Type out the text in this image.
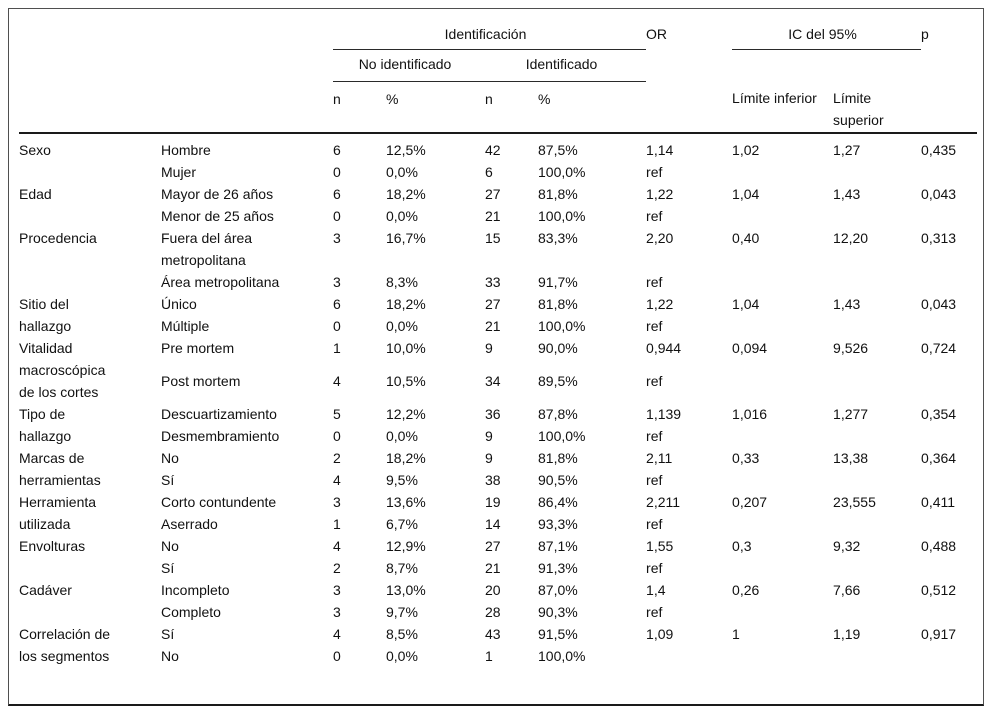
		Identificación				OR	IC del 95%		p
		No identificado		Identificado					
		n	%	n	%		Límite inferior	Límite superior	
Sexo	Hombre	6	12,5%	42	87,5%	1,14	1,02	1,27	0,435
	Mujer	0	0,0%	6	100,0%	ref			
Edad	Mayor de 26 años	6	18,2%	27	81,8%	1,22	1,04	1,43	0,043
	Menor de 25 años	0	0,0%	21	100,0%	ref			
Procedencia	Fuera del área metropolitana	3	16,7%	15	83,3%	2,20	0,40	12,20	0,313
	Área metropolitana	3	8,3%	33	91,7%	ref			
Sitio del hallazgo	Único	6	18,2%	27	81,8%	1,22	1,04	1,43	0,043
	Múltiple	0	0,0%	21	100,0%	ref			
Vitalidad macroscópica de los cortes	Pre mortem	1	10,0%	9	90,0%	0,944	0,094	9,526	0,724
	Post mortem	4	10,5%	34	89,5%	ref			
Tipo de hallazgo	Descuartizamiento	5	12,2%	36	87,8%	1,139	1,016	1,277	0,354
	Desmembramiento	0	0,0%	9	100,0%	ref			
Marcas de herramientas	No	2	18,2%	9	81,8%	2,11	0,33	13,38	0,364
	Sí	4	9,5%	38	90,5%	ref			
Herramienta utilizada	Corto contundente	3	13,6%	19	86,4%	2,211	0,207	23,555	0,411
	Aserrado	1	6,7%	14	93,3%	ref			
Envolturas	No	4	12,9%	27	87,1%	1,55	0,3	9,32	0,488
	Sí	2	8,7%	21	91,3%	ref			
Cadáver	Incompleto	3	13,0%	20	87,0%	1,4	0,26	7,66	0,512
	Completo	3	9,7%	28	90,3%	ref			
Correlación de los segmentos	Sí	4	8,5%	43	91,5%	1,09	1	1,19	0,917
	No	0	0,0%	1	100,0%				
